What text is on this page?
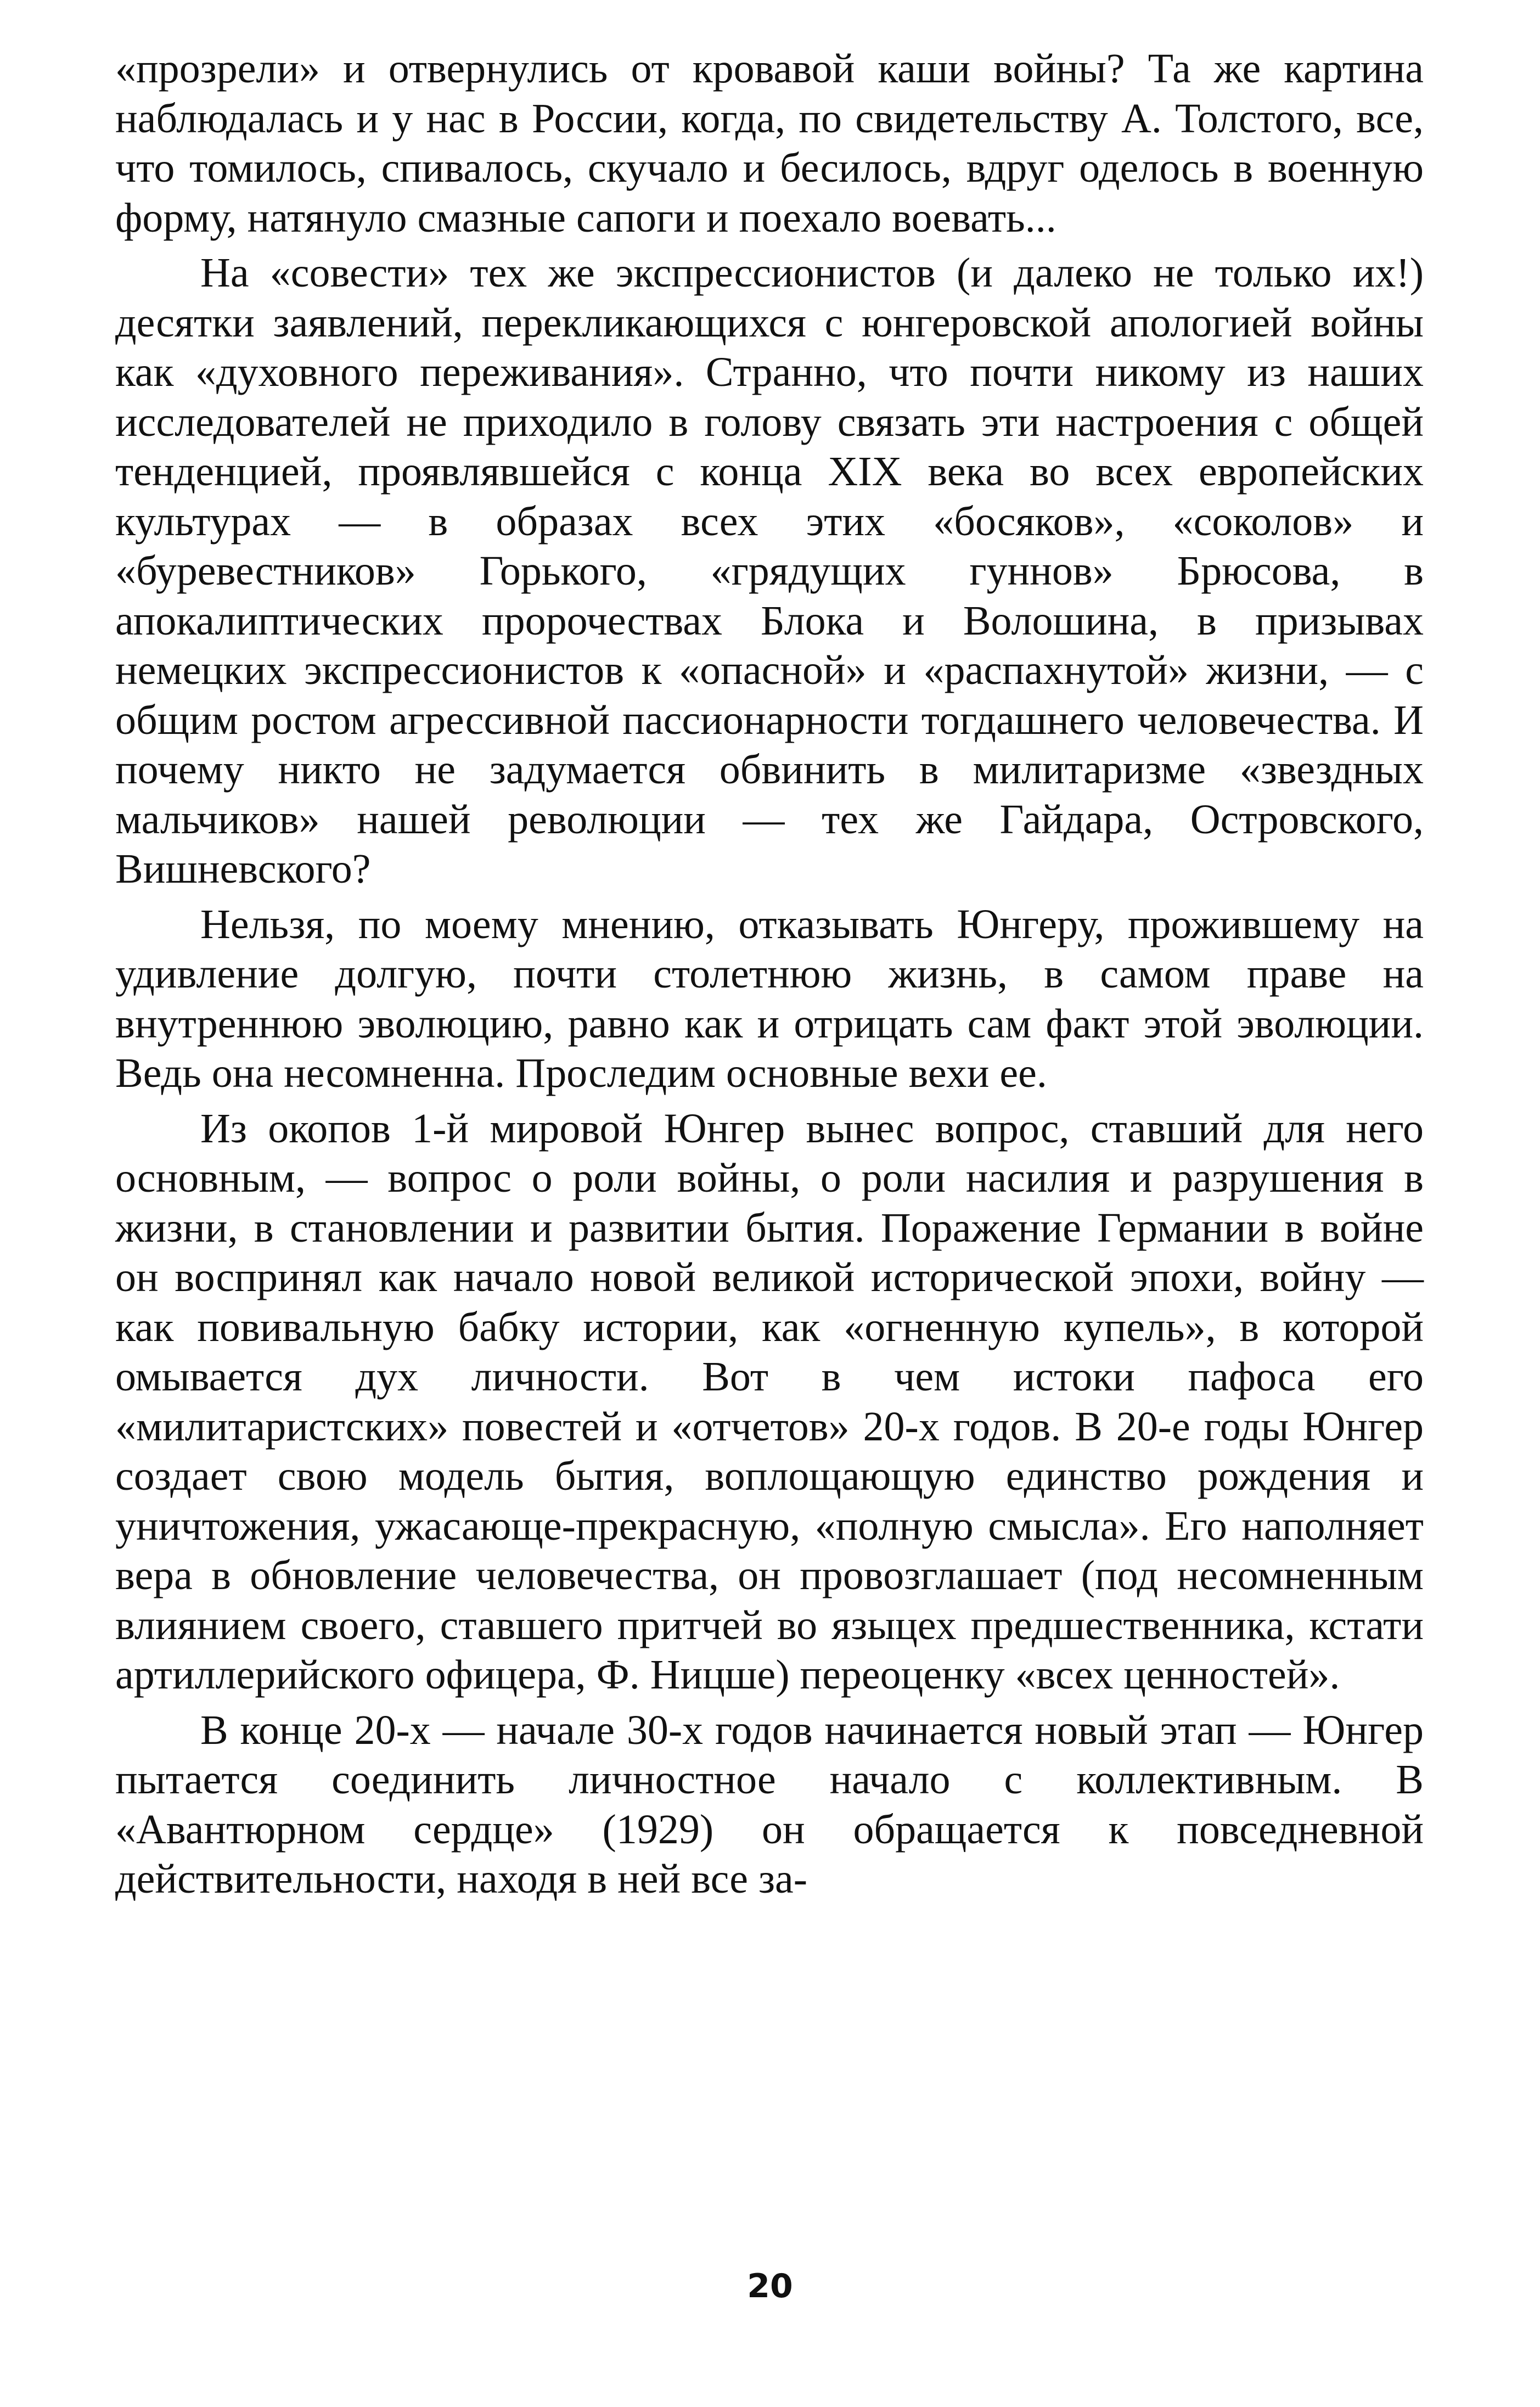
«прозрели» и отвернулись от кровавой каши войны? Та же картина наблюдалась и у нас в России, когда, по свидетельству А. Толстого, все, что томилось, спивалось, скучало и бесилось, вдруг оделось в военную форму, натянуло смазные сапоги и поехало воевать...

На «совести» тех же экспрессионистов (и далеко не только их!) десятки заявлений, перекликающихся с юнгеровской апологией войны как «духовного переживания». Странно, что почти никому из наших исследователей не приходило в голову связать эти настроения с общей тенденцией, проявлявшейся с конца XIX века во всех европейских культурах — в образах всех этих «босяков», «соколов» и «буревестников» Горького, «грядущих гуннов» Брюсова, в апокалиптических пророчествах Блока и Волошина, в призывах немецких экспрессионистов к «опасной» и «распахнутой» жизни, — с общим ростом агрессивной пассионарности тогдашнего человечества. И почему никто не задумается обвинить в милитаризме «звездных мальчиков» нашей революции — тех же Гайдара, Островского, Вишневского?

Нельзя, по моему мнению, отказывать Юнгеру, прожившему на удивление долгую, почти столетнюю жизнь, в самом праве на внутреннюю эволюцию, равно как и отрицать сам факт этой эволюции. Ведь она несомненна. Проследим основные вехи ее.

Из окопов 1-й мировой Юнгер вынес вопрос, ставший для него основным, — вопрос о роли войны, о роли насилия и разрушения в жизни, в становлении и развитии бытия. Поражение Германии в войне он воспринял как начало новой великой исторической эпохи, войну — как повивальную бабку истории, как «огненную купель», в которой омывается дух личности. Вот в чем истоки пафоса его «милитаристских» повестей и «отчетов» 20-х годов. В 20-е годы Юнгер создает свою модель бытия, воплощающую единство рождения и уничтожения, ужасающе-прекрасную, «полную смысла». Его наполняет вера в обновление человечества, он провозглашает (под несомненным влиянием своего, ставшего притчей во языцех предшественника, кстати артиллерийского офицера, Ф. Ницше) переоценку «всех ценностей».

В конце 20-х — начале 30-х годов начинается новый этап — Юнгер пытается соединить личностное начало с коллективным. В «Авантюрном сердце» (1929) он обращается к повседневной действительности, находя в ней все за-

20
